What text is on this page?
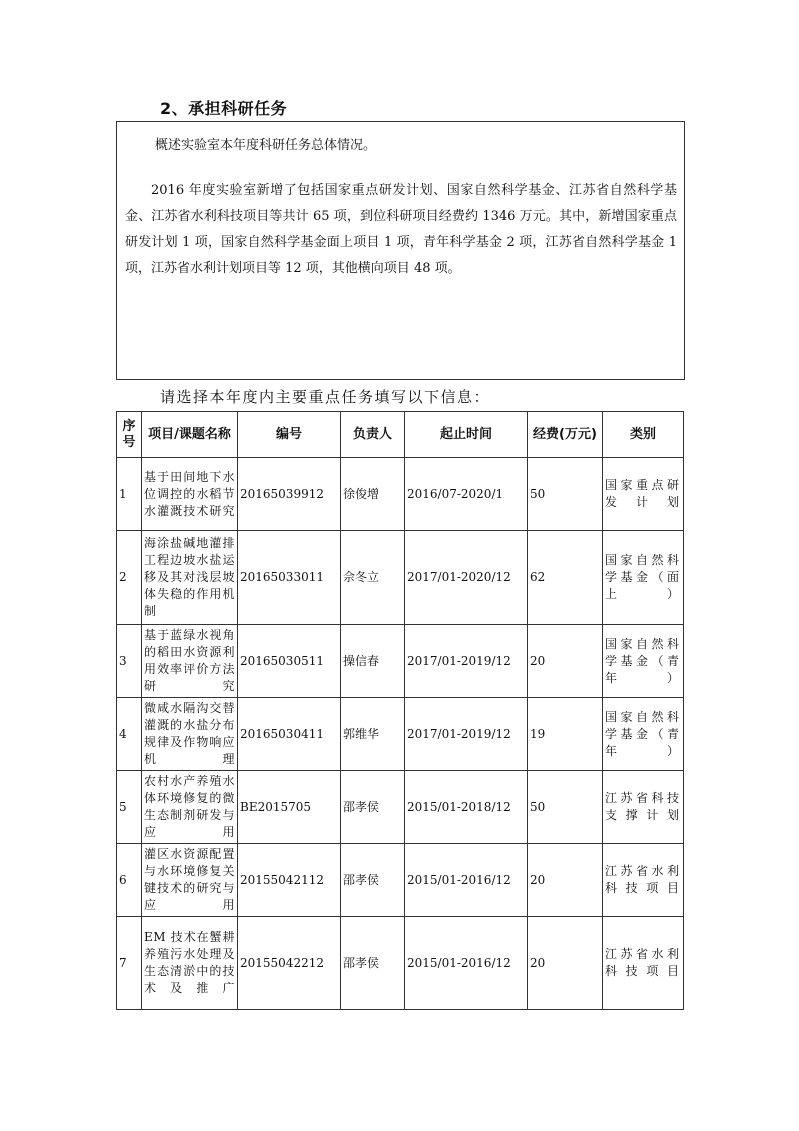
2、承担科研任务
概述实验室本年度科研任务总体情况。
2016 年度实验室新增了包括国家重点研发计划、国家自然科学基金、江苏省自然科学基金、江苏省水利科技项目等共计 65 项，到位科研项目经费约 1346 万元。其中，新增国家重点研发计划 1 项，国家自然科学基金面上项目 1 项，青年科学基金 2 项，江苏省自然科学基金 1 项，江苏省水利计划项目等 12 项，其他横向项目 48 项。
请选择本年度内主要重点任务填写以下信息：
序号	项目/课题名称	编号	负责人	起止时间	经费(万元)	类别
1	基于田间地下水位调控的水稻节水灌溉技术研究	20165039912	徐俊增	2016/07-2020/1	50	国家重点研发计划
2	海涂盐碱地灌排工程边坡水盐运移及其对浅层坡体失稳的作用机制	20165033011	佘冬立	2017/01-2020/12	62	国家自然科学基金（面上）
3	基于蓝绿水视角的稻田水资源利用效率评价方法研究	20165030511	操信春	2017/01-2019/12	20	国家自然科学基金（青年）
4	微咸水隔沟交替灌溉的水盐分布规律及作物响应机理	20165030411	郭维华	2017/01-2019/12	19	国家自然科学基金（青年）
5	农村水产养殖水体环境修复的微生态制剂研发与应用	BE2015705	邵孝侯	2015/01-2018/12	50	江苏省科技支撑计划
6	灌区水资源配置与水环境修复关键技术的研究与应用	20155042112	邵孝侯	2015/01-2016/12	20	江苏省水利科技项目
7	EM 技术在蟹耕养殖污水处理及生态清淤中的技术及推广	20155042212	邵孝侯	2015/01-2016/12	20	江苏省水利科技项目
